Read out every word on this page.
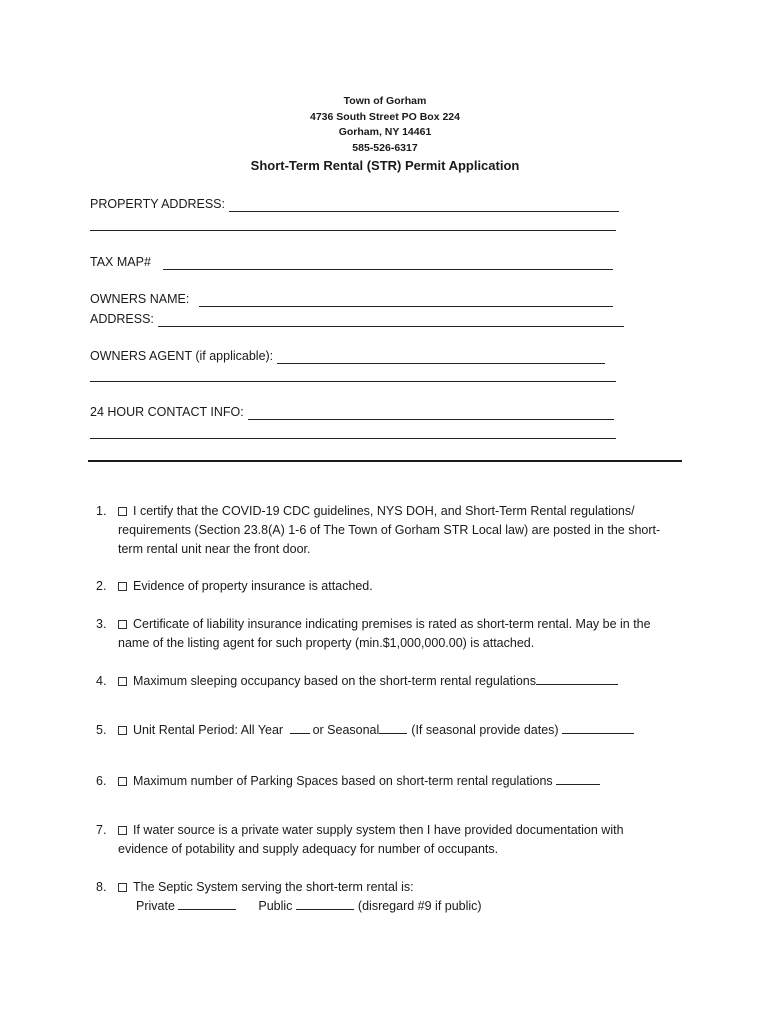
Town of Gorham
4736 South Street PO Box 224
Gorham, NY 14461
585-526-6317
Short-Term Rental (STR) Permit Application
PROPERTY ADDRESS:
TAX MAP#
OWNERS NAME:
ADDRESS:
OWNERS AGENT (if applicable):
24 HOUR CONTACT INFO:
1.	I certify that the COVID-19 CDC guidelines, NYS DOH, and Short-Term Rental regulations/ requirements (Section 23.8(A) 1-6 of The Town of Gorham STR Local law) are posted in the short-term rental unit near the front door.
2.	Evidence of property insurance is attached.
3.	Certificate of liability insurance indicating premises is rated as short-term rental. May be in the name of the listing agent for such property (min.$1,000,000.00) is attached.
4.	Maximum sleeping occupancy based on the short-term rental regulations
5.	Unit Rental Period: All Year or Seasonal	(If seasonal provide dates)
6.	Maximum number of Parking Spaces based on short-term rental regulations
7.	If water source is a private water supply system then I have provided documentation with evidence of potability and supply adequacy for number of occupants.
8.	The Septic System serving the short-term rental is:
Private	Public	(disregard #9 if public)
